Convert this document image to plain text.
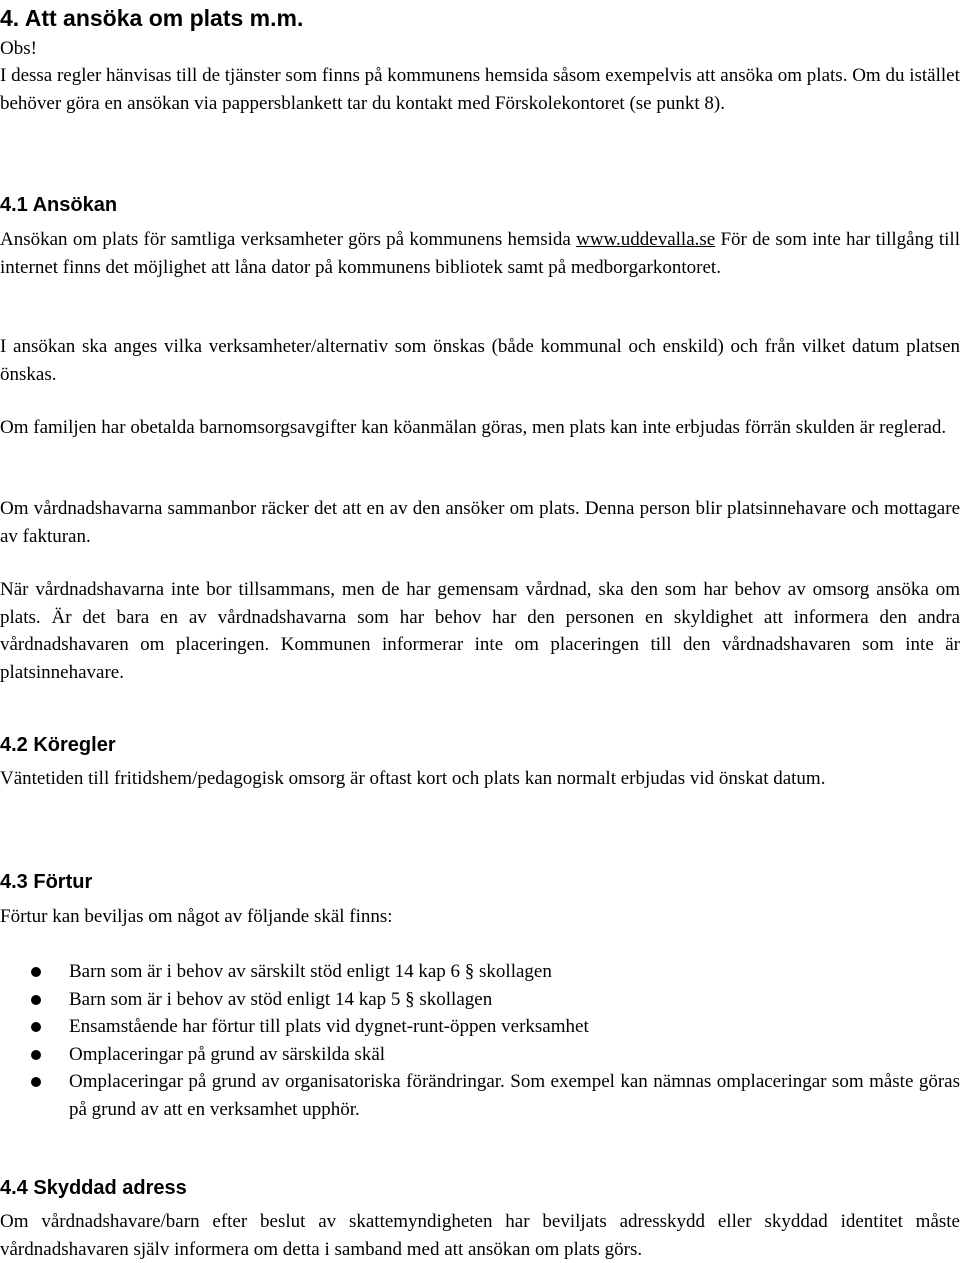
4. Att ansöka om plats m.m.

Obs!

I dessa regler hänvisas till de tjänster som finns på kommunens hemsida såsom exempelvis att ansöka om plats. Om du istället behöver göra en ansökan via pappersblankett tar du kontakt med Förskolekontoret (se punkt 8).

4.1 Ansökan

Ansökan om plats för samtliga verksamheter görs på kommunens hemsida www.uddevalla.se För de som inte har tillgång till internet finns det möjlighet att låna dator på kommunens bibliotek samt på medborgarkontoret.

I ansökan ska anges vilka verksamheter/alternativ som önskas (både kommunal och enskild) och från vilket datum platsen önskas.

Om familjen har obetalda barnomsorgsavgifter kan köanmälan göras, men plats kan inte erbjudas förrän skulden är reglerad.

Om vårdnadshavarna sammanbor räcker det att en av den ansöker om plats. Denna person blir platsinnehavare och mottagare av fakturan.

När vårdnadshavarna inte bor tillsammans, men de har gemensam vårdnad, ska den som har behov av omsorg ansöka om plats. Är det bara en av vårdnadshavarna som har behov har den personen en skyldighet att informera den andra vårdnadshavaren om placeringen. Kommunen informerar inte om placeringen till den vårdnadshavaren som inte är platsinnehavare.

4.2 Köregler

Väntetiden till fritidshem/pedagogisk omsorg är oftast kort och plats kan normalt erbjudas vid önskat datum.

4.3 Förtur

Förtur kan beviljas om något av följande skäl finns:

Barn som är i behov av särskilt stöd enligt 14 kap 6 § skollagen
Barn som är i behov av stöd enligt 14 kap 5 § skollagen
Ensamstående har förtur till plats vid dygnet-runt-öppen verksamhet
Omplaceringar på grund av särskilda skäl
Omplaceringar på grund av organisatoriska förändringar. Som exempel kan nämnas omplaceringar som måste göras på grund av att en verksamhet upphör.
4.4 Skyddad adress

Om vårdnadshavare/barn efter beslut av skattemyndigheten har beviljats adresskydd eller skyddad identitet måste vårdnadshavaren själv informera om detta i samband med att ansökan om plats görs.
